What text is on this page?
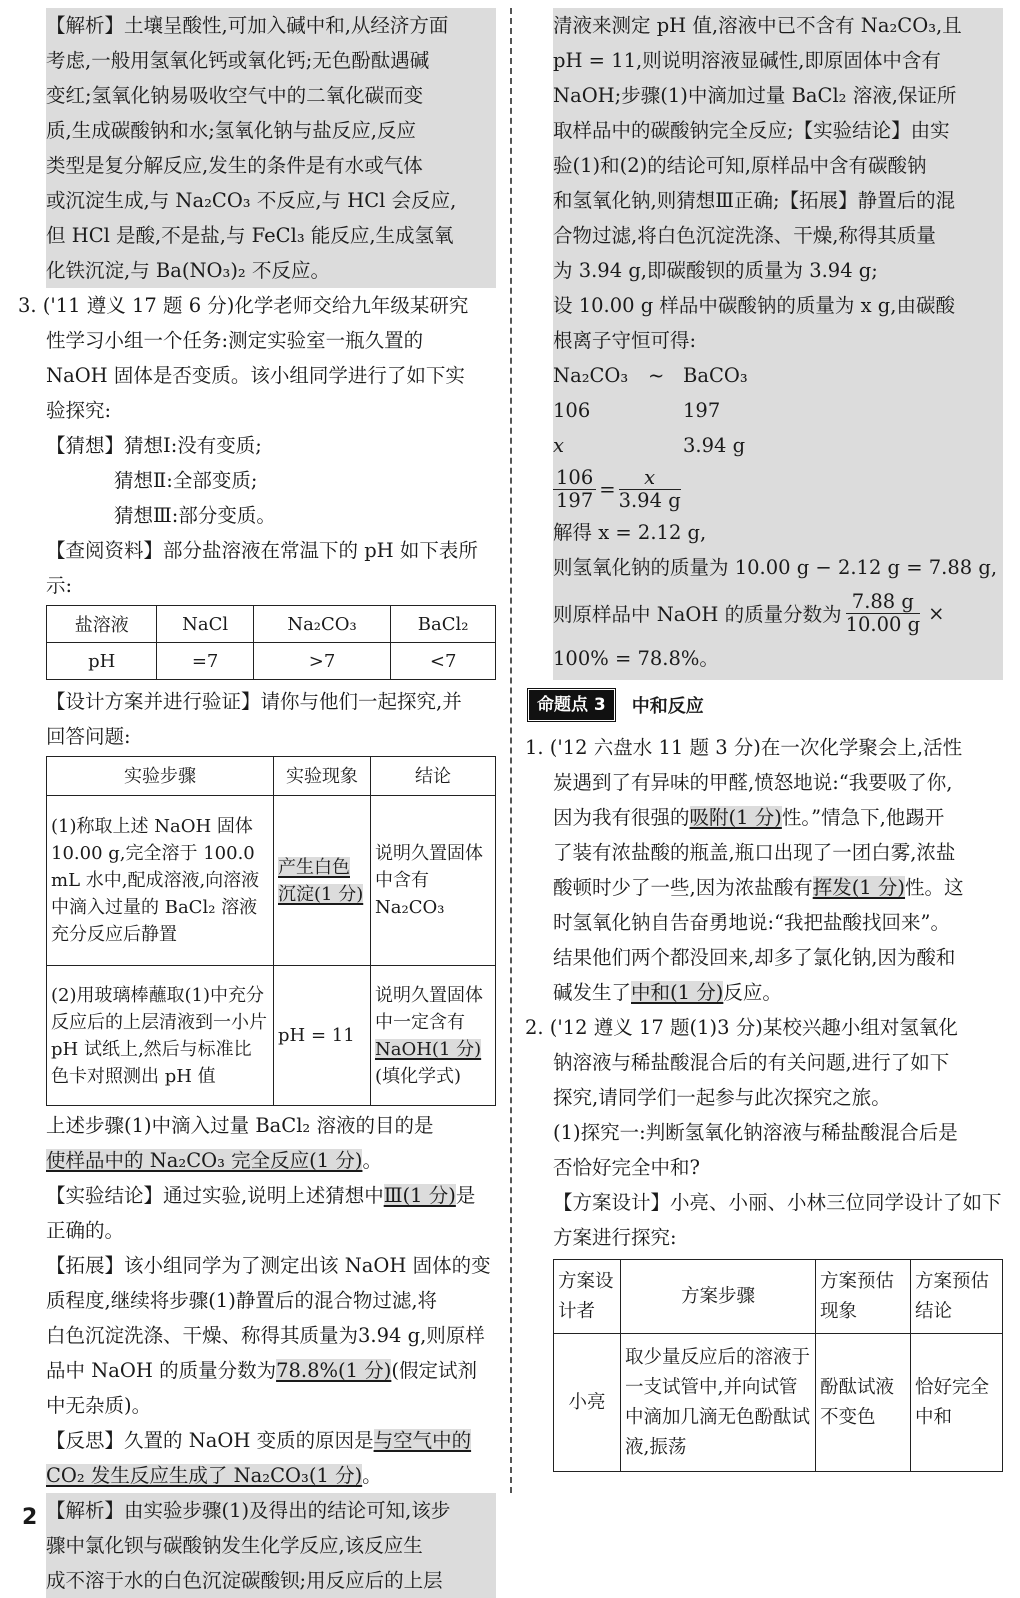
【解析】土壤呈酸性,可加入碱中和,从经济方面
考虑,一般用氢氧化钙或氧化钙;无色酚酞遇碱
变红;氢氧化钠易吸收空气中的二氧化碳而变
质,生成碳酸钠和水;氢氧化钠与盐反应,反应
类型是复分解反应,发生的条件是有水或气体
或沉淀生成,与 Na₂CO₃ 不反应,与 HCl 会反应,
但 HCl 是酸,不是盐,与 FeCl₃ 能反应,生成氢氧
化铁沉淀,与 Ba(NO₃)₂ 不反应。
3. ('11 遵义 17 题 6 分)化学老师交给九年级某研究
性学习小组一个任务:测定实验室一瓶久置的
NaOH 固体是否变质。该小组同学进行了如下实
验探究:
【猜想】猜想Ⅰ:没有变质;
猜想Ⅱ:全部变质;
猜想Ⅲ:部分变质。
【查阅资料】部分盐溶液在常温下的 pH 如下表所
示:
盐溶液	NaCl	Na₂CO₃	BaCl₂
pH	=7	>7	<7
【设计方案并进行验证】请你与他们一起探究,并
回答问题:
实验步骤	实验现象	结论
(1)称取上述 NaOH 固体 10.00 g,完全溶于 100.0 mL 水中,配成溶液,向溶液中滴入过量的 BaCl₂ 溶液充分反应后静置	产生白色沉淀(1 分)	说明久置固体中含有 Na₂CO₃
(2)用玻璃棒蘸取(1)中充分反应后的上层清液到一小片 pH 试纸上,然后与标准比色卡对照测出 pH 值	pH = 11	说明久置固体中一定含有
NaOH(1 分)
(填化学式)
上述步骤(1)中滴入过量 BaCl₂ 溶液的目的是
使样品中的 Na₂CO₃ 完全反应(1 分)。
【实验结论】通过实验,说明上述猜想中Ⅲ(1 分)是
正确的。
【拓展】该小组同学为了测定出该 NaOH 固体的变
质程度,继续将步骤(1)静置后的混合物过滤,将
白色沉淀洗涤、干燥、称得其质量为3.94 g,则原样
品中 NaOH 的质量分数为78.8%(1 分)(假定试剂
中无杂质)。
【反思】久置的 NaOH 变质的原因是与空气中的
CO₂ 发生反应生成了 Na₂CO₃(1 分)。
【解析】由实验步骤(1)及得出的结论可知,该步
骤中氯化钡与碳酸钠发生化学反应,该反应生
成不溶于水的白色沉淀碳酸钡;用反应后的上层
清液来测定 pH 值,溶液中已不含有 Na₂CO₃,且
pH = 11,则说明溶液显碱性,即原固体中含有
NaOH;步骤(1)中滴加过量 BaCl₂ 溶液,保证所
取样品中的碳酸钠完全反应;【实验结论】由实
验(1)和(2)的结论可知,原样品中含有碳酸钠
和氢氧化钠,则猜想Ⅲ正确;【拓展】静置后的混
合物过滤,将白色沉淀洗涤、干燥,称得其质量
为 3.94 g,即碳酸钡的质量为 3.94 g;
设 10.00 g 样品中碳酸钠的质量为 x g,由碳酸
根离子守恒可得:
Na₂CO₃ ~ BaCO₃
106	197
x	3.94 g
$\frac{106}{197} = \frac{x}{3.94 g}$
解得 x = 2.12 g,
则氢氧化钠的质量为 10.00 g − 2.12 g = 7.88 g,
则原样品中 NaOH 的质量分数为 $\frac{7.88 g}{10.00 g}$ ×
100% = 78.8%。
命题点 3	中和反应
1. ('12 六盘水 11 题 3 分)在一次化学聚会上,活性
炭遇到了有异味的甲醛,愤怒地说:“我要吸了你,
因为我有很强的吸附(1 分)性。”情急下,他踢开
了装有浓盐酸的瓶盖,瓶口出现了一团白雾,浓盐
酸顿时少了一些,因为浓盐酸有挥发(1 分)性。这
时氢氧化钠自告奋勇地说:“我把盐酸找回来”。
结果他们两个都没回来,却多了氯化钠,因为酸和
碱发生了中和(1 分)反应。
2. ('12 遵义 17 题(1)3 分)某校兴趣小组对氢氧化
钠溶液与稀盐酸混合后的有关问题,进行了如下
探究,请同学们一起参与此次探究之旅。
(1)探究一:判断氢氧化钠溶液与稀盐酸混合后是
否恰好完全中和?
【方案设计】小亮、小丽、小林三位同学设计了如下
方案进行探究:
方案设计者	方案步骤	方案预估现象	方案预估结论
小亮	取少量反应后的溶液于一支试管中,并向试管中滴加几滴无色酚酞试液,振荡	酚酞试液不变色	恰好完全中和
2
